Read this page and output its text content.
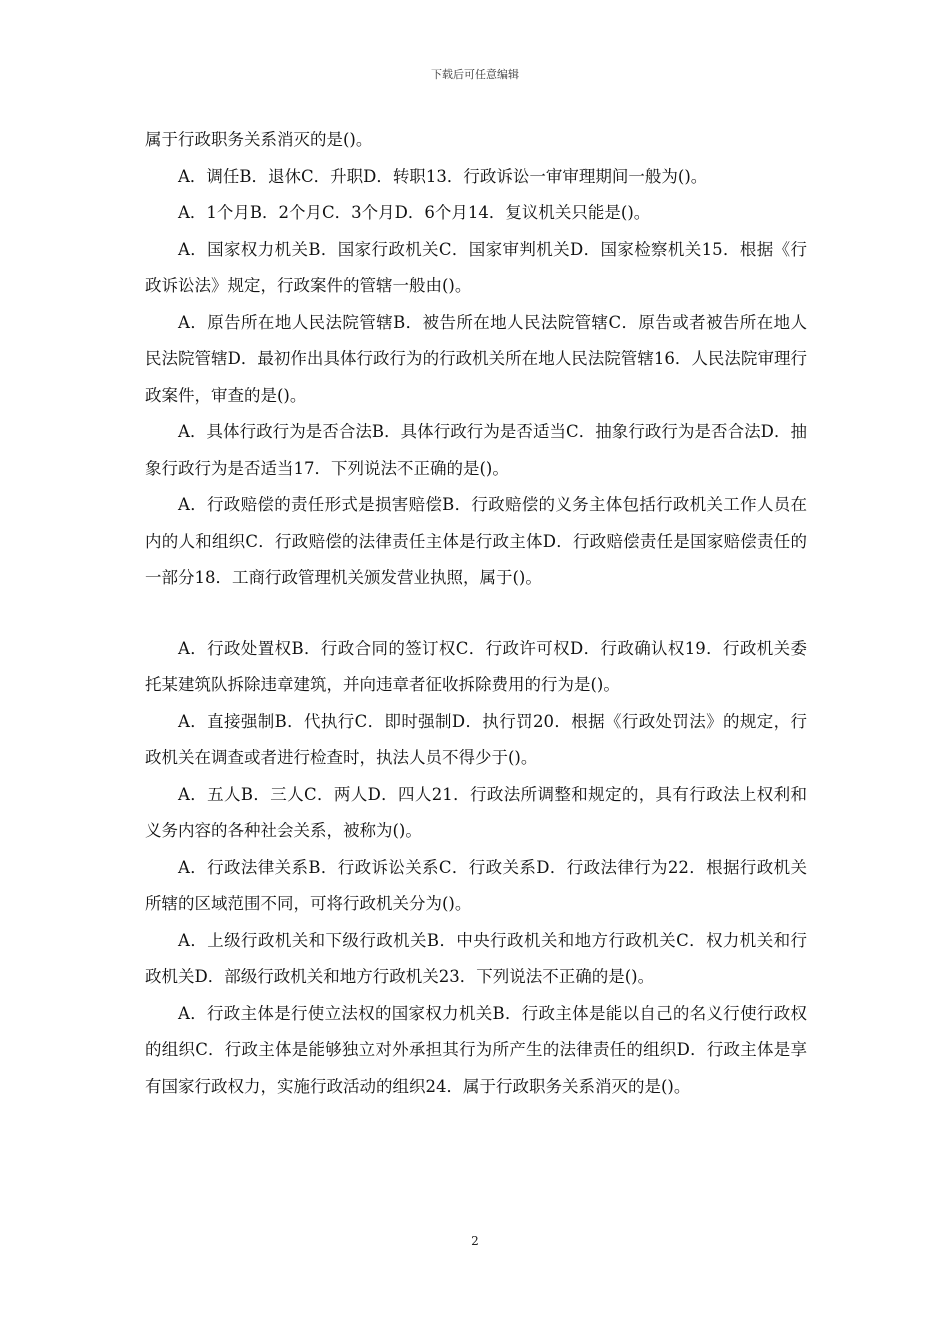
下载后可任意编辑

属于行政职务关系消灭的是()。

A．调任B．退休C．升职D．转职13．行政诉讼一审审理期间一般为()。

A．1个月B．2个月C．3个月D．6个月14．复议机关只能是()。

A．国家权力机关B．国家行政机关C．国家审判机关D．国家检察机关15．根据《行政诉讼法》规定，行政案件的管辖一般由()。

A．原告所在地人民法院管辖B．被告所在地人民法院管辖C．原告或者被告所在地人民法院管辖D．最初作出具体行政行为的行政机关所在地人民法院管辖16．人民法院审理行政案件，审查的是()。

A．具体行政行为是否合法B．具体行政行为是否适当C．抽象行政行为是否合法D．抽象行政行为是否适当17．下列说法不正确的是()。

A．行政赔偿的责任形式是损害赔偿B．行政赔偿的义务主体包括行政机关工作人员在内的人和组织C．行政赔偿的法律责任主体是行政主体D．行政赔偿责任是国家赔偿责任的一部分18．工商行政管理机关颁发营业执照，属于()。

A．行政处置权B．行政合同的签订权C．行政许可权D．行政确认权19．行政机关委托某建筑队拆除违章建筑，并向违章者征收拆除费用的行为是()。

A．直接强制B．代执行C．即时强制D．执行罚20．根据《行政处罚法》的规定，行政机关在调查或者进行检查时，执法人员不得少于()。

A．五人B．三人C．两人D．四人21．行政法所调整和规定的，具有行政法上权利和义务内容的各种社会关系，被称为()。

A．行政法律关系B．行政诉讼关系C．行政关系D．行政法律行为22．根据行政机关所辖的区域范围不同，可将行政机关分为()。

A．上级行政机关和下级行政机关B．中央行政机关和地方行政机关C．权力机关和行政机关D．部级行政机关和地方行政机关23．下列说法不正确的是()。

A．行政主体是行使立法权的国家权力机关B．行政主体是能以自己的名义行使行政权的组织C．行政主体是能够独立对外承担其行为所产生的法律责任的组织D．行政主体是享有国家行政权力，实施行政活动的组织24．属于行政职务关系消灭的是()。

2
